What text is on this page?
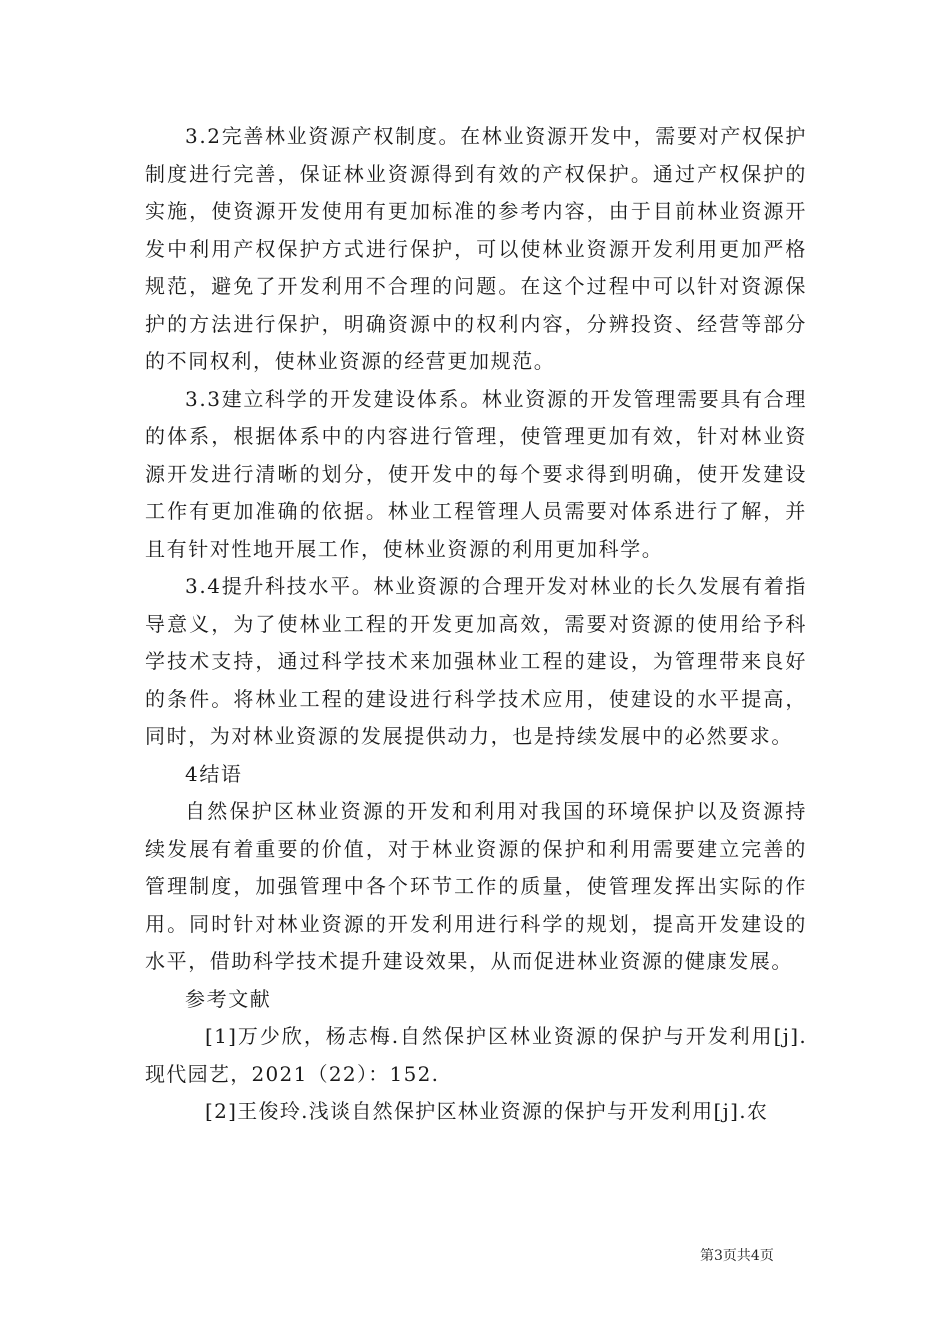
3.2完善林业资源产权制度。在林业资源开发中，需要对产权保护制度进行完善，保证林业资源得到有效的产权保护。通过产权保护的实施，使资源开发使用有更加标准的参考内容，由于目前林业资源开发中利用产权保护方式进行保护，可以使林业资源开发利用更加严格规范，避免了开发利用不合理的问题。在这个过程中可以针对资源保护的方法进行保护，明确资源中的权利内容，分辨投资、经营等部分的不同权利，使林业资源的经营更加规范。

3.3建立科学的开发建设体系。林业资源的开发管理需要具有合理的体系，根据体系中的内容进行管理，使管理更加有效，针对林业资源开发进行清晰的划分，使开发中的每个要求得到明确，使开发建设工作有更加准确的依据。林业工程管理人员需要对体系进行了解，并且有针对性地开展工作，使林业资源的利用更加科学。

3.4提升科技水平。林业资源的合理开发对林业的长久发展有着指导意义，为了使林业工程的开发更加高效，需要对资源的使用给予科学技术支持，通过科学技术来加强林业工程的建设，为管理带来良好的条件。将林业工程的建设进行科学技术应用，使建设的水平提高，同时，为对林业资源的发展提供动力，也是持续发展中的必然要求。

4结语

自然保护区林业资源的开发和利用对我国的环境保护以及资源持续发展有着重要的价值，对于林业资源的保护和利用需要建立完善的管理制度，加强管理中各个环节工作的质量，使管理发挥出实际的作用。同时针对林业资源的开发利用进行科学的规划，提高开发建设的水平，借助科学技术提升建设效果，从而促进林业资源的健康发展。

参考文献

[1]万少欣，杨志梅.自然保护区林业资源的保护与开发利用[j].现代园艺，2021（22）：152.

[2]王俊玲.浅谈自然保护区林业资源的保护与开发利用[j].农

第3页共4页
